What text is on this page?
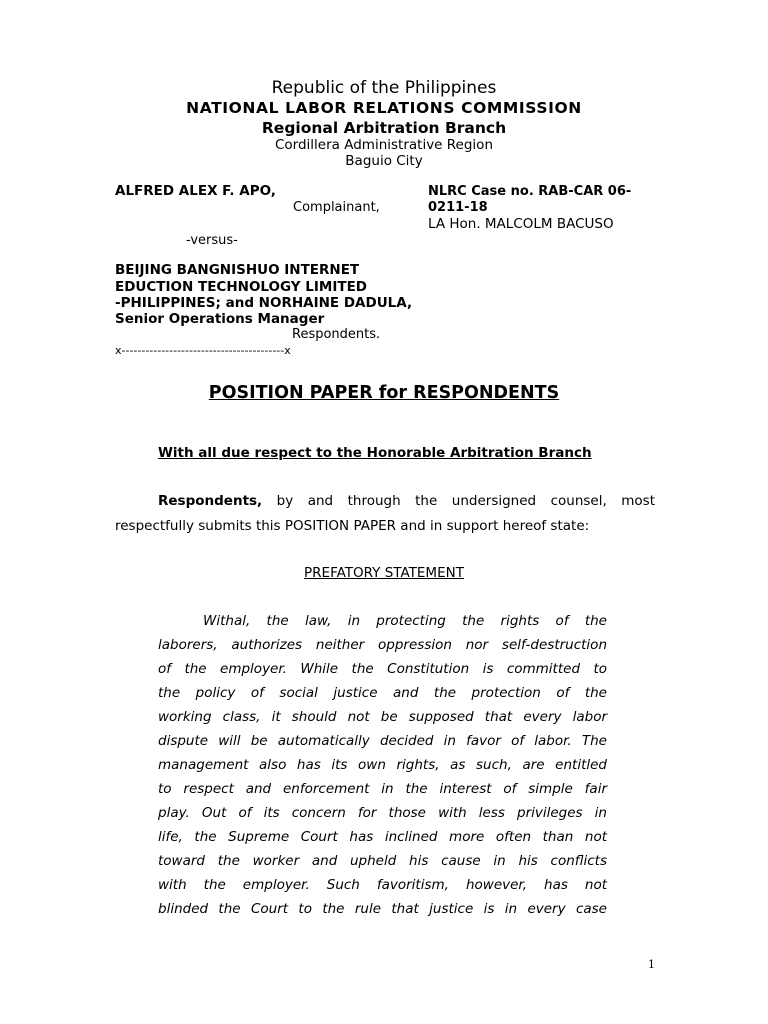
Republic of the Philippines
NATIONAL LABOR RELATIONS COMMISSION
Regional Arbitration Branch
Cordillera Administrative Region
Baguio City
ALFRED ALEX F. APO,
Complainant,
NLRC Case no. RAB-CAR 06-
0211-18
LA Hon. MALCOLM BACUSO
-versus-
BEIJING BANGNISHUO INTERNET
EDUCTION TECHNOLOGY LIMITED
-PHILIPPINES; and NORHAINE DADULA,
Senior Operations Manager
Respondents.
x-----------------------------------------x
POSITION PAPER for RESPONDENTS
With all due respect to the Honorable Arbitration Branch
Respondents, by and through the undersigned counsel, most
respectfully submits this POSITION PAPER and in support hereof state:
PREFATORY STATEMENT
Withal, the law, in protecting the rights of the
laborers, authorizes neither oppression nor self-destruction
of the employer. While the Constitution is committed to
the policy of social justice and the protection of the
working class, it should not be supposed that every labor
dispute will be automatically decided in favor of labor. The
management also has its own rights, as such, are entitled
to respect and enforcement in the interest of simple fair
play. Out of its concern for those with less privileges in
life, the Supreme Court has inclined more often than not
toward the worker and upheld his cause in his conflicts
with the employer. Such favoritism, however, has not
blinded the Court to the rule that justice is in every case
1
